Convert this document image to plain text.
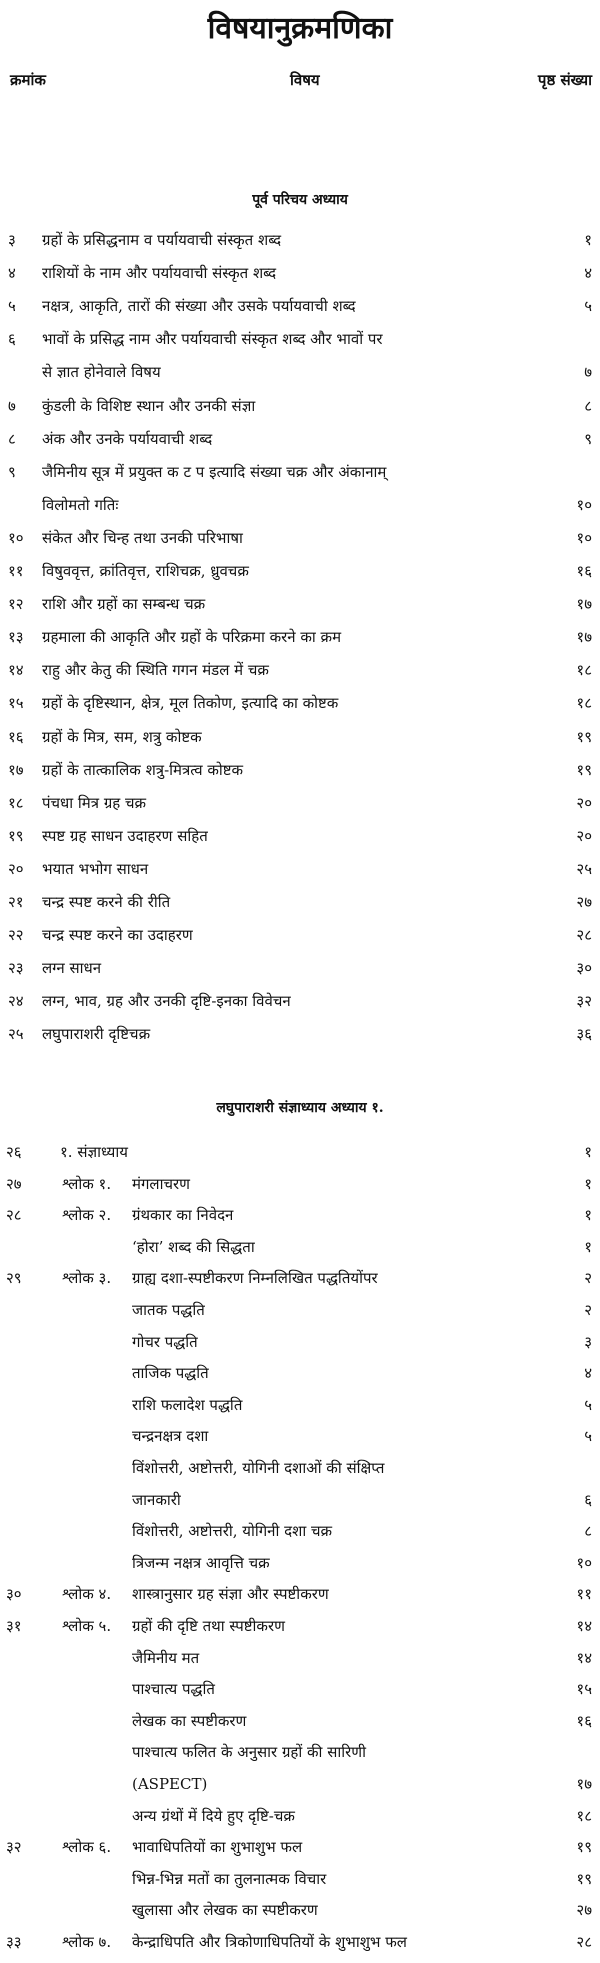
विषयानुक्रमणिका
क्रमांक	विषय	पृष्ठ संख्या
पूर्व परिचय अध्याय
३	ग्रहों के प्रसिद्धनाम व पर्यायवाची संस्कृत शब्द	१
४	राशियों के नाम और पर्यायवाची संस्कृत शब्द	४
५	नक्षत्र, आकृति, तारों की संख्या और उसके पर्यायवाची शब्द	५
६	भावों के प्रसिद्ध नाम और पर्यायवाची संस्कृत शब्द और भावों पर
से ज्ञात होनेवाले विषय	७
७	कुंडली के विशिष्ट स्थान और उनकी संज्ञा	८
८	अंक और उनके पर्यायवाची शब्द	९
९	जैमिनीय सूत्र में प्रयुक्त क ट प इत्यादि संख्या चक्र और अंकानाम्
विलोमतो गतिः	१०
१०	संकेत और चिन्ह तथा उनकी परिभाषा	१०
११	विषुववृत्त, क्रांतिवृत्त, राशिचक्र, ध्रुवचक्र	१६
१२	राशि और ग्रहों का सम्बन्ध चक्र	१७
१३	ग्रहमाला की आकृति और ग्रहों के परिक्रमा करने का क्रम	१७
१४	राहु और केतु की स्थिति गगन मंडल में चक्र	१८
१५	ग्रहों के दृष्टिस्थान, क्षेत्र, मूल तिकोण, इत्यादि का कोष्टक	१८
१६	ग्रहों के मित्र, सम, शत्रु कोष्टक	१९
१७	ग्रहों के तात्कालिक शत्रु-मित्रत्व कोष्टक	१९
१८	पंचधा मित्र ग्रह चक्र	२०
१९	स्पष्ट ग्रह साधन उदाहरण सहित	२०
२०	भयात भभोग साधन	२५
२१	चन्द्र स्पष्ट करने की रीति	२७
२२	चन्द्र स्पष्ट करने का उदाहरण	२८
२३	लग्न साधन	३०
२४	लग्न, भाव, ग्रह और उनकी दृष्टि-इनका विवेचन	३२
२५	लघुपाराशरी दृष्टिचक्र	३६
लघुपाराशरी संज्ञाध्याय अध्याय १.
२६	१. संज्ञाध्याय	१
२७	श्लोक १. मंगलाचरण	१
२८	श्लोक २. ग्रंथकार का निवेदन	१
‘होरा’ शब्द की सिद्धता	१
२९	श्लोक ३. ग्राह्य दशा-स्पष्टीकरण निम्नलिखित पद्धतियोंपर	२
जातक पद्धति	२
गोचर पद्धति	३
ताजिक पद्धति	४
राशि फलादेश पद्धति	५
चन्द्रनक्षत्र दशा	५
विंशोत्तरी, अष्टोत्तरी, योगिनी दशाओं की संक्षिप्त
जानकारी	६
विंशोत्तरी, अष्टोत्तरी, योगिनी दशा चक्र	८
त्रिजन्म नक्षत्र आवृत्ति चक्र	१०
३०	श्लोक ४. शास्त्रानुसार ग्रह संज्ञा और स्पष्टीकरण	११
३१	श्लोक ५. ग्रहों की दृष्टि तथा स्पष्टीकरण	१४
जैमिनीय मत	१४
पाश्चात्य पद्धति	१५
लेखक का स्पष्टीकरण	१६
पाश्चात्य फलित के अनुसार ग्रहों की सारिणी
(ASPECT)	१७
अन्य ग्रंथों में दिये हुए दृष्टि-चक्र	१८
३२	श्लोक ६. भावाधिपतियों का शुभाशुभ फल	१९
भिन्न-भिन्न मतों का तुलनात्मक विचार	१९
खुलासा और लेखक का स्पष्टीकरण	२७
३३	श्लोक ७. केन्द्राधिपति और त्रिकोणाधिपतियों के शुभाशुभ फल	२८
